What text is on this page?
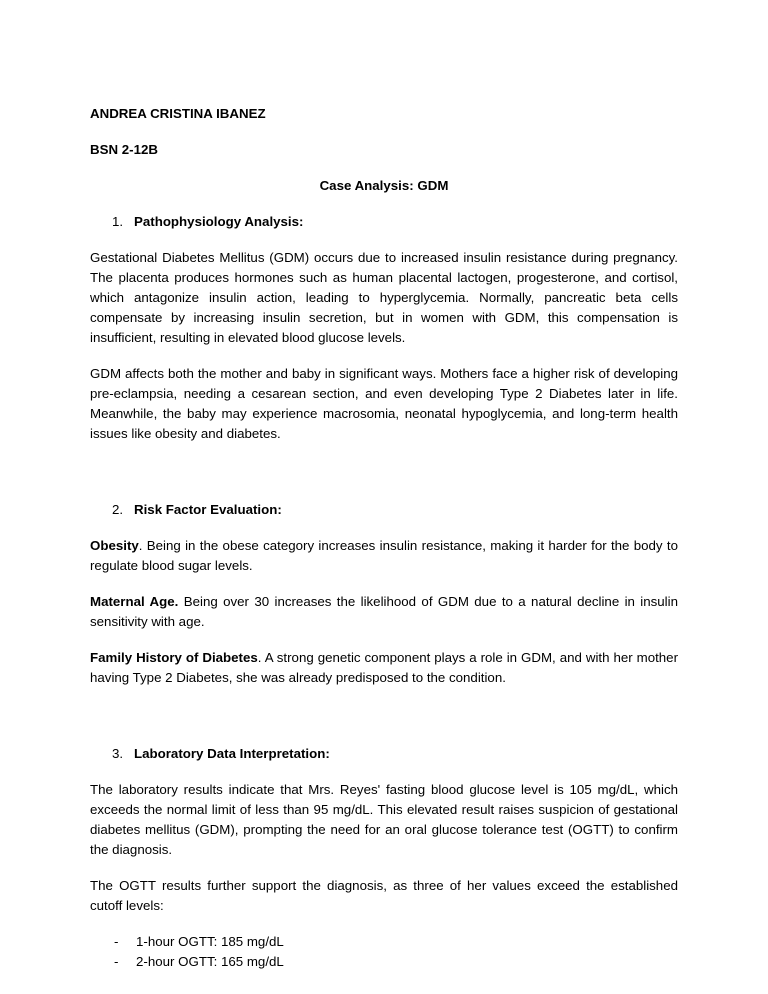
ANDREA CRISTINA IBANEZ

BSN 2-12B

Case Analysis: GDM

1. Pathophysiology Analysis:

Gestational Diabetes Mellitus (GDM) occurs due to increased insulin resistance during pregnancy. The placenta produces hormones such as human placental lactogen, progesterone, and cortisol, which antagonize insulin action, leading to hyperglycemia. Normally, pancreatic beta cells compensate by increasing insulin secretion, but in women with GDM, this compensation is insufficient, resulting in elevated blood glucose levels.

GDM affects both the mother and baby in significant ways. Mothers face a higher risk of developing pre-eclampsia, needing a cesarean section, and even developing Type 2 Diabetes later in life. Meanwhile, the baby may experience macrosomia, neonatal hypoglycemia, and long-term health issues like obesity and diabetes.

2. Risk Factor Evaluation:

Obesity. Being in the obese category increases insulin resistance, making it harder for the body to regulate blood sugar levels.

Maternal Age. Being over 30 increases the likelihood of GDM due to a natural decline in insulin sensitivity with age.

Family History of Diabetes. A strong genetic component plays a role in GDM, and with her mother having Type 2 Diabetes, she was already predisposed to the condition.

3. Laboratory Data Interpretation:

The laboratory results indicate that Mrs. Reyes' fasting blood glucose level is 105 mg/dL, which exceeds the normal limit of less than 95 mg/dL. This elevated result raises suspicion of gestational diabetes mellitus (GDM), prompting the need for an oral glucose tolerance test (OGTT) to confirm the diagnosis.

The OGTT results further support the diagnosis, as three of her values exceed the established cutoff levels:

- 1-hour OGTT: 185 mg/dL

- 2-hour OGTT: 165 mg/dL
